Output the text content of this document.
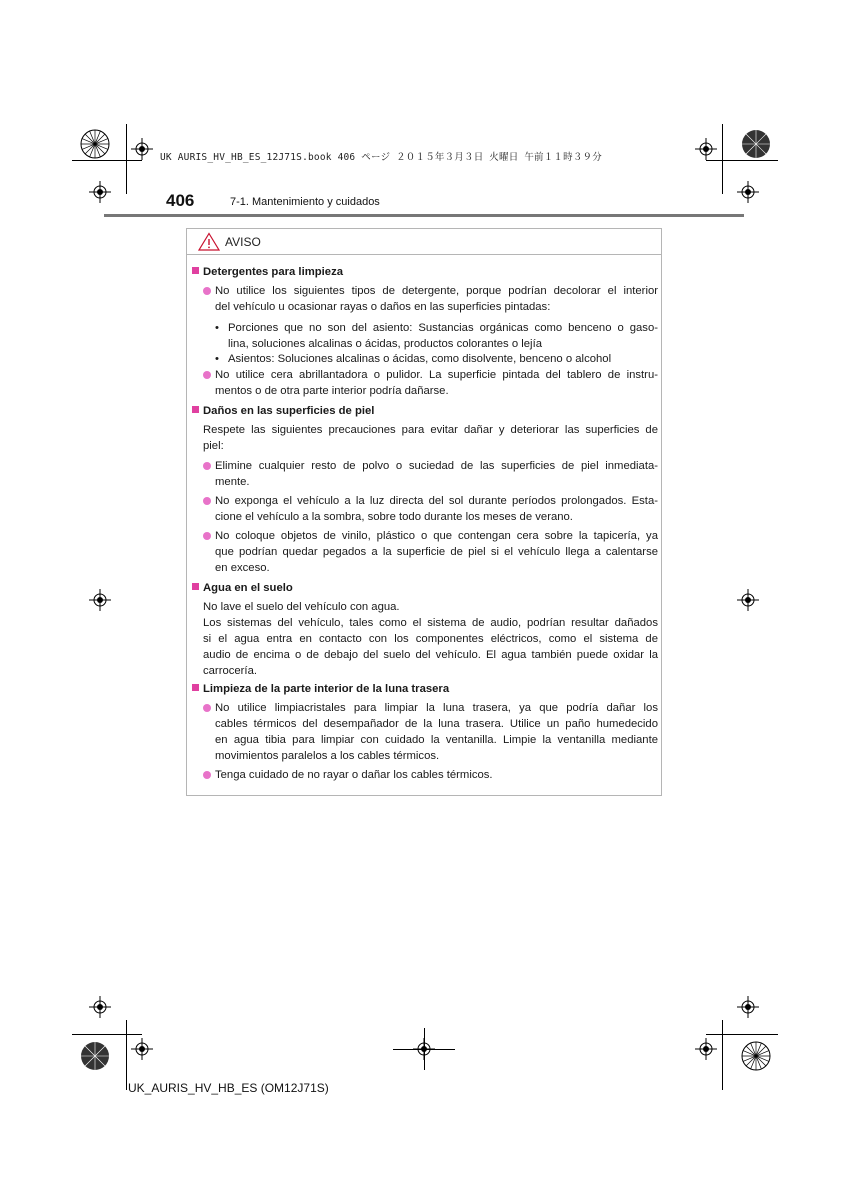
UK AURIS_HV_HB_ES_12J71S.book 406 ページ ２０１５年３月３日 火曜日 午前１１時３９分
406	7-1. Mantenimiento y cuidados
AVISO
Detergentes para limpieza
No utilice los siguientes tipos de detergente, porque podrían decolorar el interior
del vehículo u ocasionar rayas o daños en las superficies pintadas:
• Porciones que no son del asiento: Sustancias orgánicas como benceno o gaso-
lina, soluciones alcalinas o ácidas, productos colorantes o lejía
• Asientos: Soluciones alcalinas o ácidas, como disolvente, benceno o alcohol
No utilice cera abrillantadora o pulidor. La superficie pintada del tablero de instru-
mentos o de otra parte interior podría dañarse.
Daños en las superficies de piel
Respete las siguientes precauciones para evitar dañar y deteriorar las superficies de
piel:
Elimine cualquier resto de polvo o suciedad de las superficies de piel inmediata-
mente.
No exponga el vehículo a la luz directa del sol durante períodos prolongados. Esta-
cione el vehículo a la sombra, sobre todo durante los meses de verano.
No coloque objetos de vinilo, plástico o que contengan cera sobre la tapicería, ya
que podrían quedar pegados a la superficie de piel si el vehículo llega a calentarse
en exceso.
Agua en el suelo
No lave el suelo del vehículo con agua.
Los sistemas del vehículo, tales como el sistema de audio, podrían resultar dañados
si el agua entra en contacto con los componentes eléctricos, como el sistema de
audio de encima o de debajo del suelo del vehículo. El agua también puede oxidar la
carrocería.
Limpieza de la parte interior de la luna trasera
No utilice limpiacristales para limpiar la luna trasera, ya que podría dañar los
cables térmicos del desempañador de la luna trasera. Utilice un paño humedecido
en agua tibia para limpiar con cuidado la ventanilla. Limpie la ventanilla mediante
movimientos paralelos a los cables térmicos.
Tenga cuidado de no rayar o dañar los cables térmicos.
UK_AURIS_HV_HB_ES (OM12J71S)
